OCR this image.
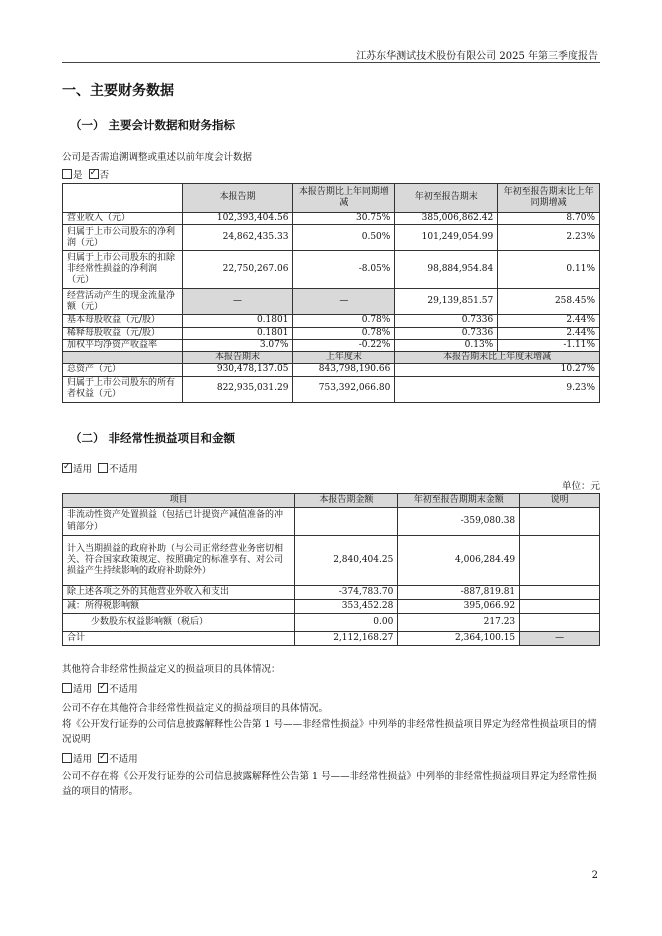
江苏东华测试技术股份有限公司 2025 年第三季度报告
一、主要财务数据
（一） 主要会计数据和财务指标
公司是否需追溯调整或重述以前年度会计数据
是 ✓ 否
	本报告期	本报告期比上年同期增减	年初至报告期末	年初至报告期末比上年同期增减
营业收入（元）	102,393,404.56	30.75%	385,006,862.42	8.70%
归属于上市公司股东的净利润（元）	24,862,435.33	0.50%	101,249,054.99	2.23%
归属于上市公司股东的扣除非经常性损益的净利润（元）	22,750,267.06	-8.05%	98,884,954.84	0.11%
经营活动产生的现金流量净额（元）	—	—	29,139,851.57	258.45%
基本每股收益（元/股）	0.1801	0.78%	0.7336	2.44%
稀释每股收益（元/股）	0.1801	0.78%	0.7336	2.44%
加权平均净资产收益率	3.07%	-0.22%	0.13%	-1.11%
	本报告期末	上年度末	本报告期末比上年度末增减	
总资产（元）	930,478,137.05	843,798,190.66	10.27%	
归属于上市公司股东的所有者权益（元）	822,935,031.29	753,392,066.80	9.23%	
（二） 非经常性损益项目和金额
✓适用 不适用
单位：元
项目	本报告期金额	年初至报告期期末金额	说明
非流动性资产处置损益（包括已计提资产减值准备的冲销部分）		-359,080.38	
计入当期损益的政府补助（与公司正常经营业务密切相关、符合国家政策规定、按照确定的标准享有、对公司损益产生持续影响的政府补助除外）	2,840,404.25	4,006,284.49	
除上述各项之外的其他营业外收入和支出	-374,783.70	-887,819.81	
减：所得税影响额	353,452.28	395,066.92	
少数股东权益影响额（税后）	0.00	217.23	
合计	2,112,168.27	2,364,100.15	—
其他符合非经常性损益定义的损益项目的具体情况：
适用 ✓ 不适用
公司不存在其他符合非经常性损益定义的损益项目的具体情况。
将《公开发行证券的公司信息披露解释性公告第 1 号——非经常性损益》中列举的非经常性损益项目界定为经常性损益项目的情况说明
适用 ✓ 不适用
公司不存在将《公开发行证券的公司信息披露解释性公告第 1 号——非经常性损益》中列举的非经常性损益项目界定为经常性损益的项目的情形。
2
